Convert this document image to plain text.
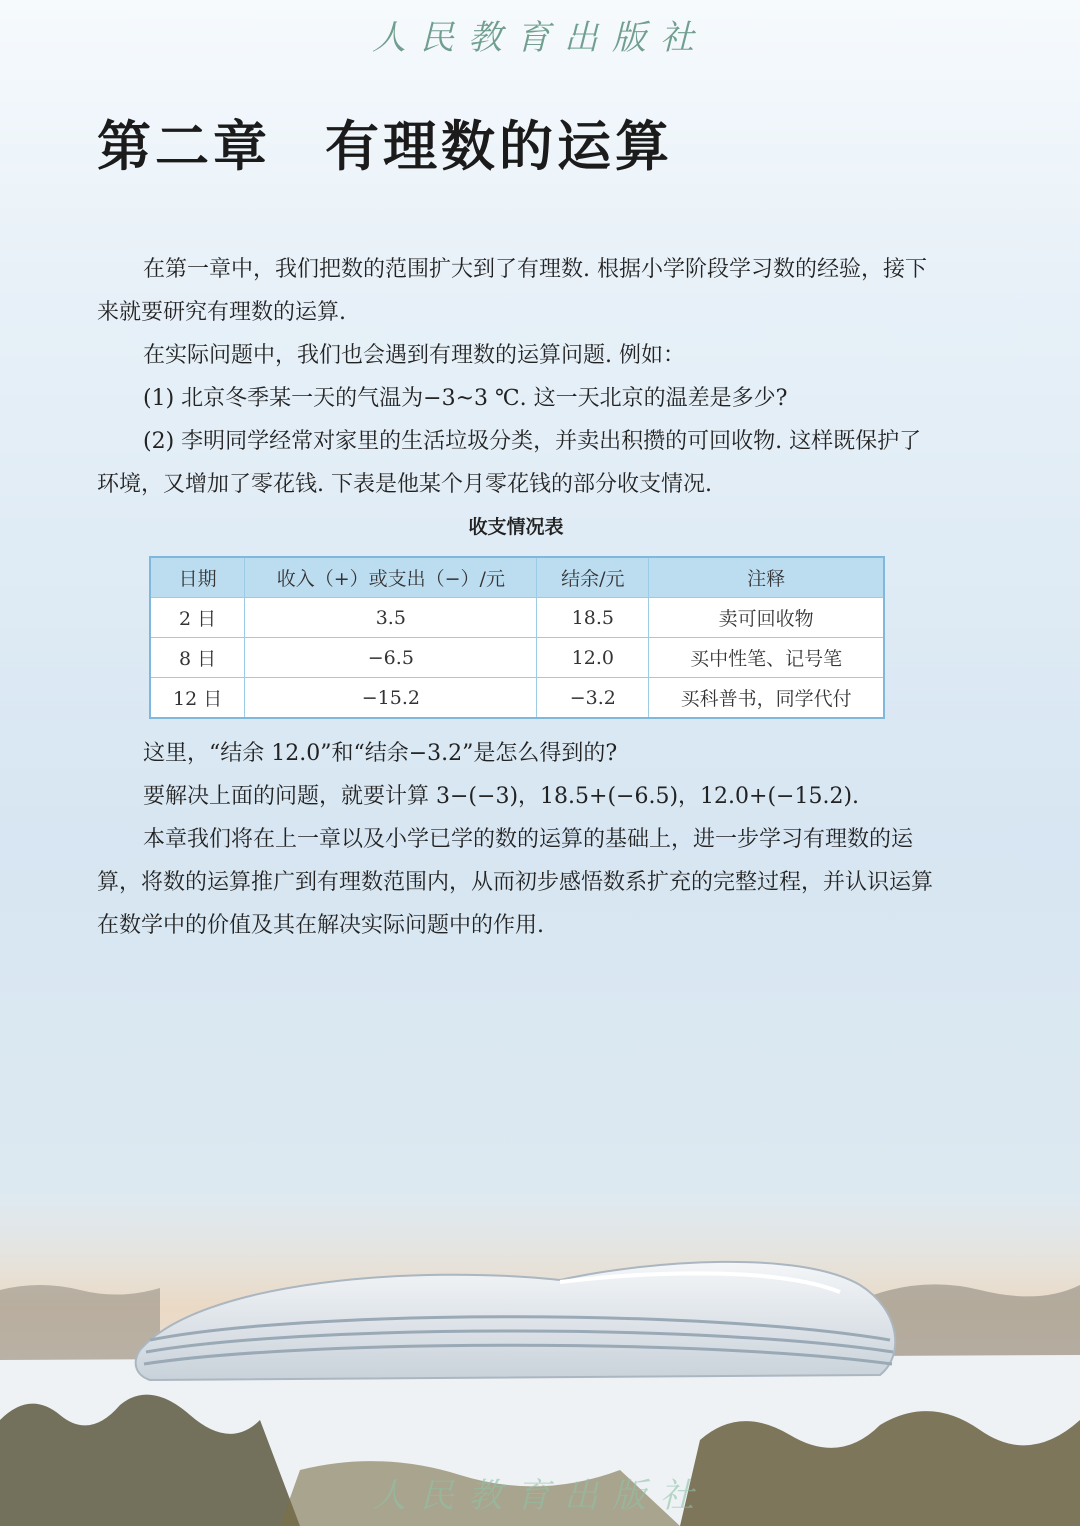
人民教育出版社
第二章 有理数的运算

在第一章中，我们把数的范围扩大到了有理数. 根据小学阶段学习数的经验，接下来就要研究有理数的运算.

在实际问题中，我们也会遇到有理数的运算问题. 例如：

(1) 北京冬季某一天的气温为−3~3 ℃. 这一天北京的温差是多少?

(2) 李明同学经常对家里的生活垃圾分类，并卖出积攒的可回收物. 这样既保护了环境，又增加了零花钱. 下表是他某个月零花钱的部分收支情况.

收支情况表
日期	收入（+）或支出（−）/元	结余/元	注释
2 日	3.5	18.5	卖可回收物
8 日	−6.5	12.0	买中性笔、记号笔
12 日	−15.2	−3.2	买科普书，同学代付

这里，“结余 12.0”和“结余−3.2”是怎么得到的?

要解决上面的问题，就要计算 3−(−3)，18.5+(−6.5)，12.0+(−15.2).

本章我们将在上一章以及小学已学的数的运算的基础上，进一步学习有理数的运算，将数的运算推广到有理数范围内，从而初步感悟数系扩充的完整过程，并认识运算在数学中的价值及其在解决实际问题中的作用.

人民教育出版社
